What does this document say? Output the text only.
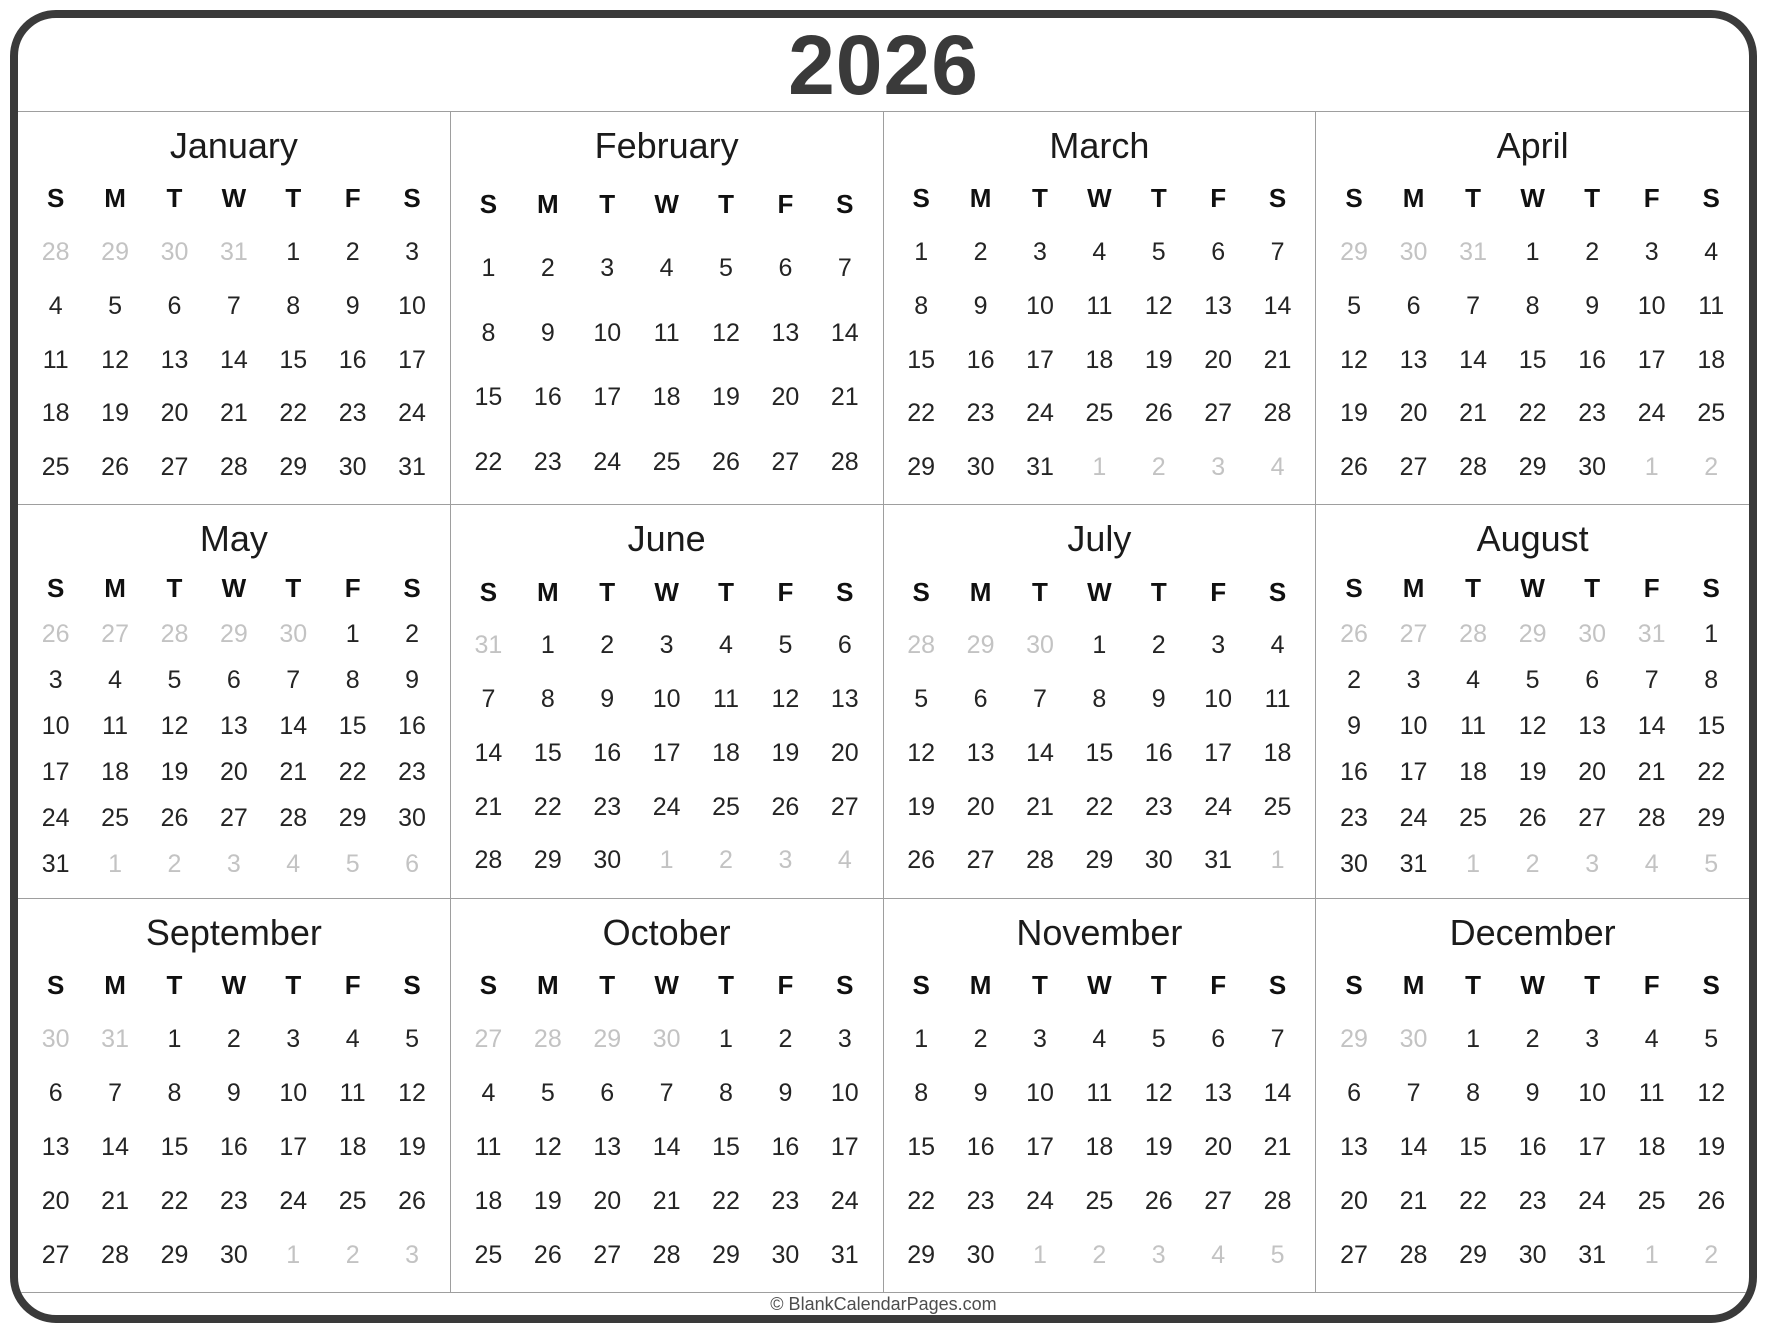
2026
January
S	M	T	W	T	F	S
28	29	30	31	1	2	3
4	5	6	7	8	9	10
11	12	13	14	15	16	17
18	19	20	21	22	23	24
25	26	27	28	29	30	31
February
S	M	T	W	T	F	S
1	2	3	4	5	6	7
8	9	10	11	12	13	14
15	16	17	18	19	20	21
22	23	24	25	26	27	28
March
S	M	T	W	T	F	S
1	2	3	4	5	6	7
8	9	10	11	12	13	14
15	16	17	18	19	20	21
22	23	24	25	26	27	28
29	30	31	1	2	3	4
April
S	M	T	W	T	F	S
29	30	31	1	2	3	4
5	6	7	8	9	10	11
12	13	14	15	16	17	18
19	20	21	22	23	24	25
26	27	28	29	30	1	2
May
S	M	T	W	T	F	S
26	27	28	29	30	1	2
3	4	5	6	7	8	9
10	11	12	13	14	15	16
17	18	19	20	21	22	23
24	25	26	27	28	29	30
31	1	2	3	4	5	6
June
S	M	T	W	T	F	S
31	1	2	3	4	5	6
7	8	9	10	11	12	13
14	15	16	17	18	19	20
21	22	23	24	25	26	27
28	29	30	1	2	3	4
July
S	M	T	W	T	F	S
28	29	30	1	2	3	4
5	6	7	8	9	10	11
12	13	14	15	16	17	18
19	20	21	22	23	24	25
26	27	28	29	30	31	1
August
S	M	T	W	T	F	S
26	27	28	29	30	31	1
2	3	4	5	6	7	8
9	10	11	12	13	14	15
16	17	18	19	20	21	22
23	24	25	26	27	28	29
30	31	1	2	3	4	5
September
S	M	T	W	T	F	S
30	31	1	2	3	4	5
6	7	8	9	10	11	12
13	14	15	16	17	18	19
20	21	22	23	24	25	26
27	28	29	30	1	2	3
October
S	M	T	W	T	F	S
27	28	29	30	1	2	3
4	5	6	7	8	9	10
11	12	13	14	15	16	17
18	19	20	21	22	23	24
25	26	27	28	29	30	31
November
S	M	T	W	T	F	S
1	2	3	4	5	6	7
8	9	10	11	12	13	14
15	16	17	18	19	20	21
22	23	24	25	26	27	28
29	30	1	2	3	4	5
December
S	M	T	W	T	F	S
29	30	1	2	3	4	5
6	7	8	9	10	11	12
13	14	15	16	17	18	19
20	21	22	23	24	25	26
27	28	29	30	31	1	2
© BlankCalendarPages.com
